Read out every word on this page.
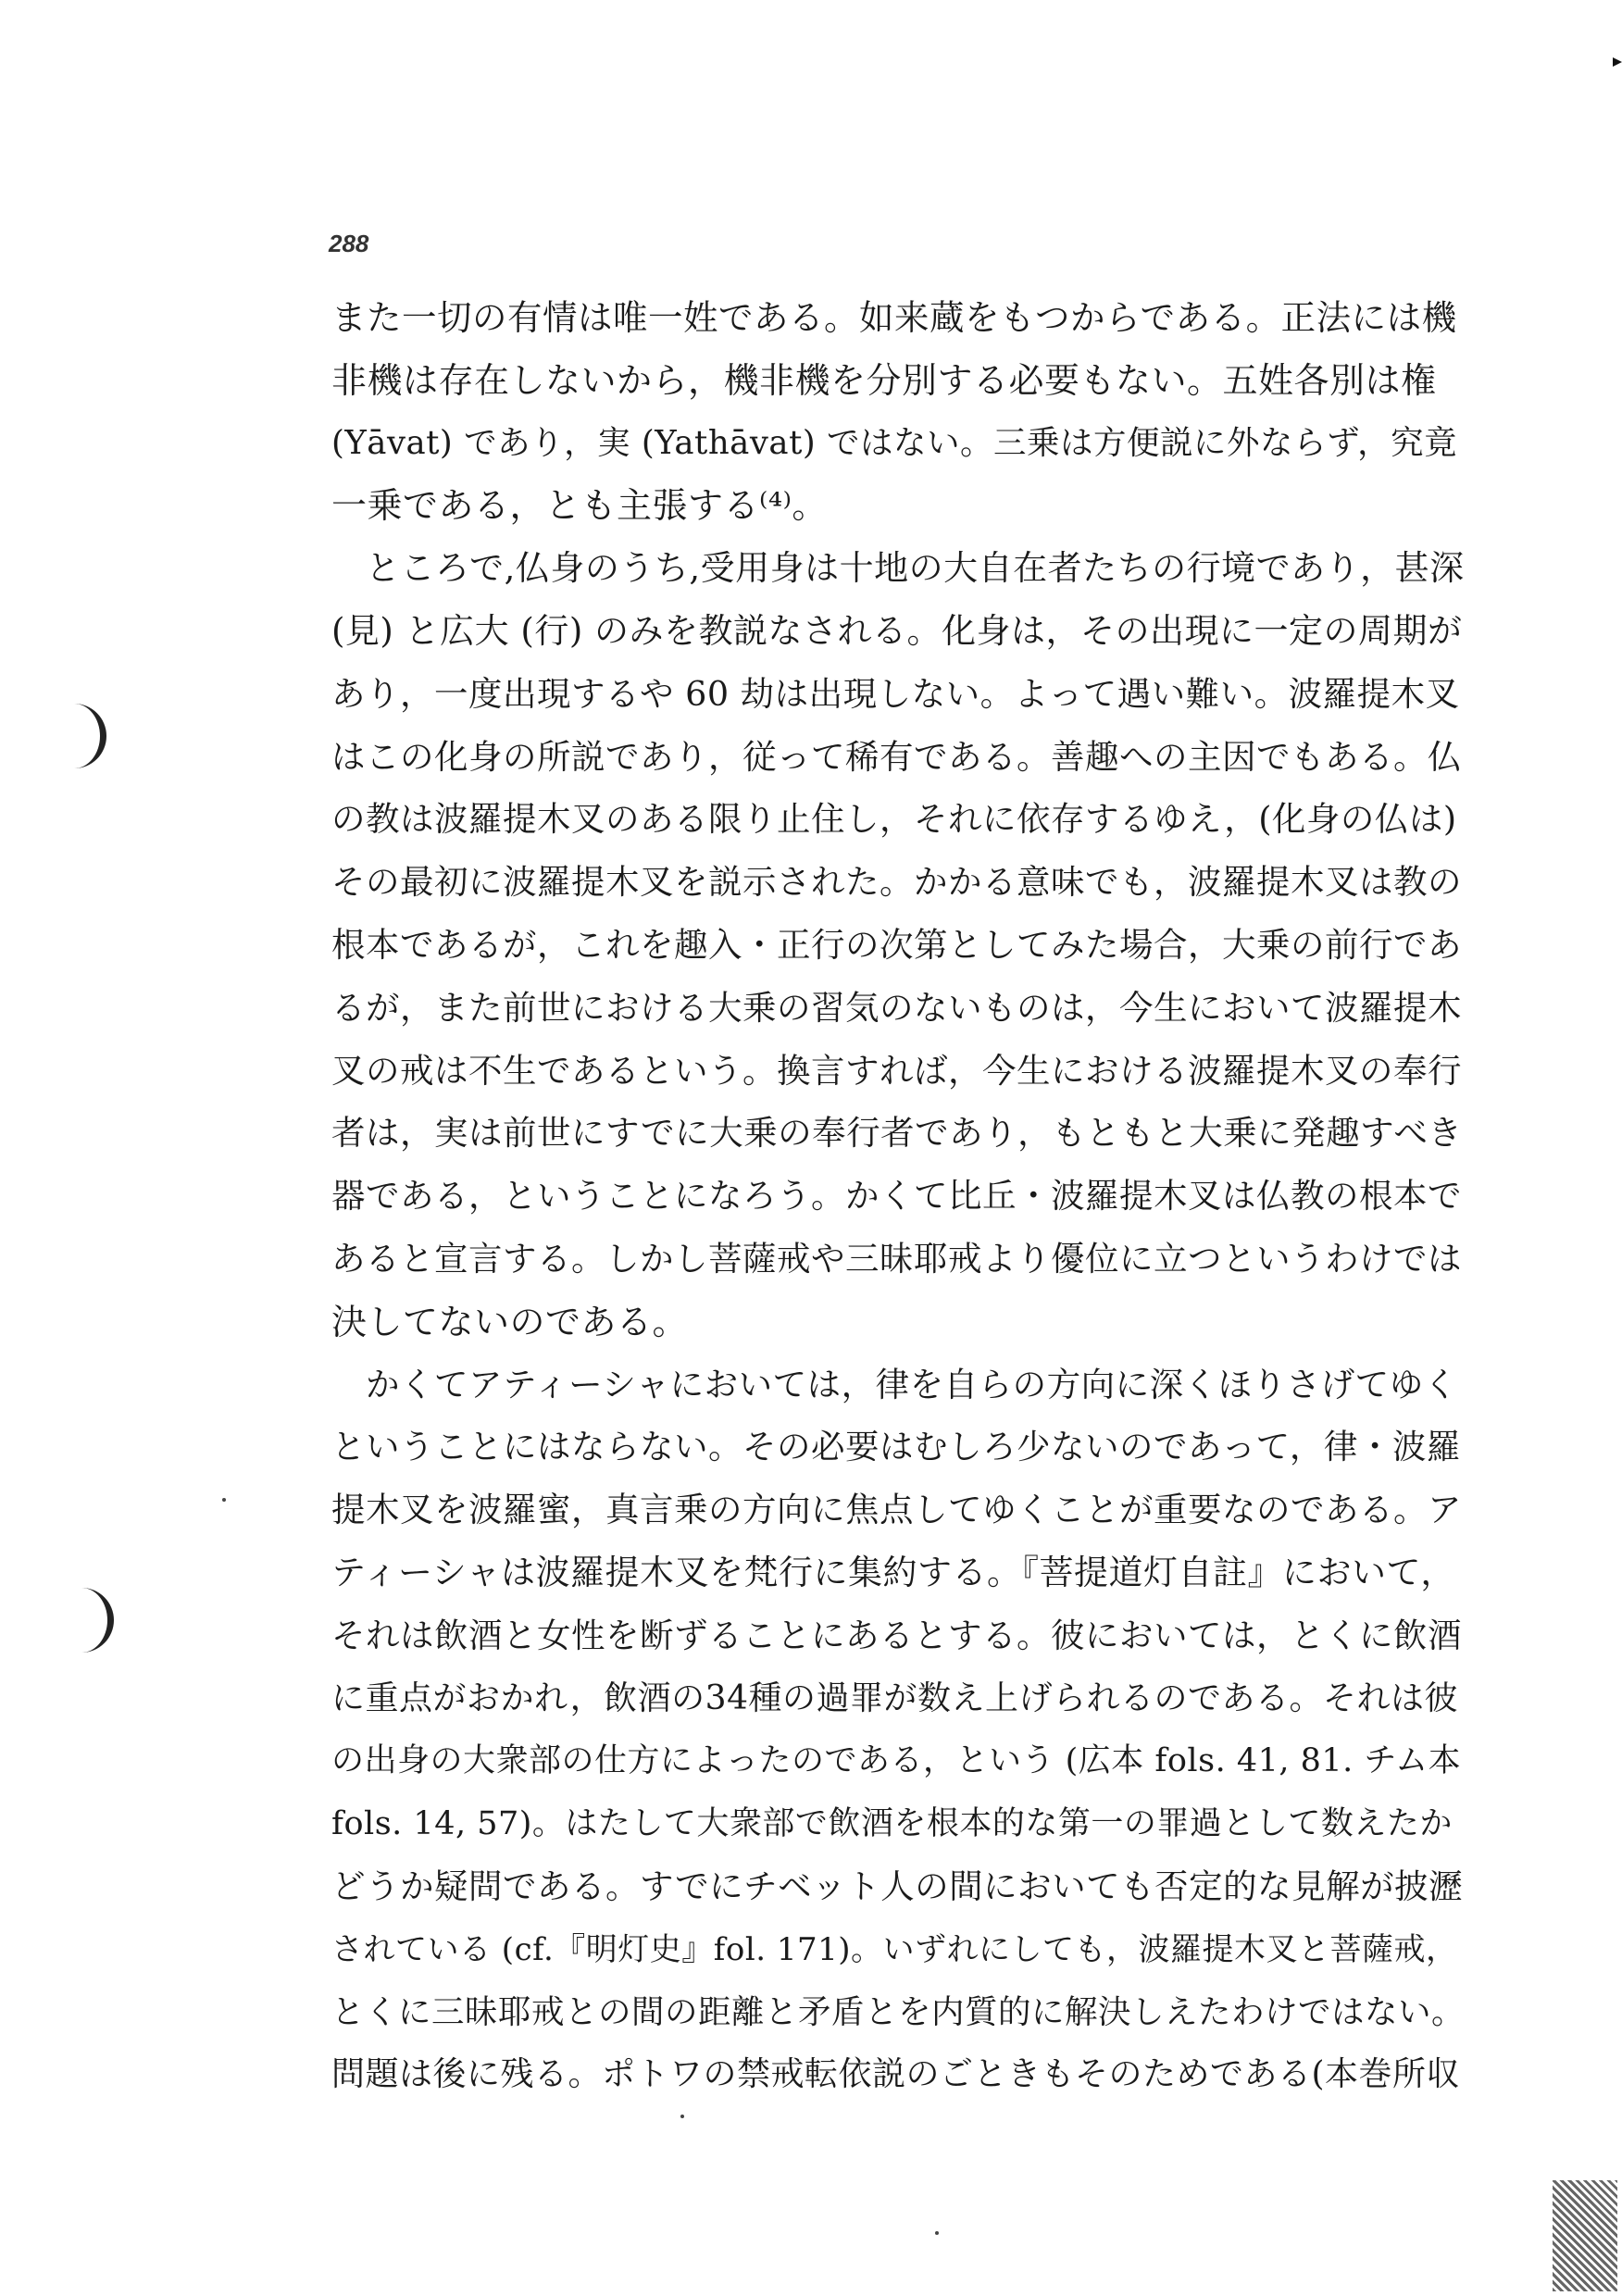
288
また一切の有情は唯一姓である。如来蔵をもつからである。正法には機
非機は存在しないから，機非機を分別する必要もない。五姓各別は権
(Yāvat) であり，実 (Yathāvat) ではない。三乗は方便説に外ならず，究竟
一乗である，とも主張する⁽⁴⁾。
ところで,仏身のうち,受用身は十地の大自在者たちの行境であり，甚深
(見) と広大 (行) のみを教説なされる。化身は，その出現に一定の周期が
あり，一度出現するや 60 劫は出現しない。よって遇い難い。波羅提木叉
はこの化身の所説であり，従って稀有である。善趣への主因でもある。仏
の教は波羅提木叉のある限り止住し，それに依存するゆえ，(化身の仏は)
その最初に波羅提木叉を説示された。かかる意味でも，波羅提木叉は教の
根本であるが，これを趣入・正行の次第としてみた場合，大乗の前行であ
るが，また前世における大乗の習気のないものは，今生において波羅提木
叉の戒は不生であるという。換言すれば，今生における波羅提木叉の奉行
者は，実は前世にすでに大乗の奉行者であり，もともと大乗に発趣すべき
器である，ということになろう。かくて比丘・波羅提木叉は仏教の根本で
あると宣言する。しかし菩薩戒や三昧耶戒より優位に立つというわけでは
決してないのである。
かくてアティーシャにおいては，律を自らの方向に深くほりさげてゆく
ということにはならない。その必要はむしろ少ないのであって，律・波羅
提木叉を波羅蜜，真言乗の方向に焦点してゆくことが重要なのである。ア
ティーシャは波羅提木叉を梵行に集約する。『菩提道灯自註』において，
それは飲酒と女性を断ずることにあるとする。彼においては，とくに飲酒
に重点がおかれ，飲酒の34種の過罪が数え上げられるのである。それは彼
の出身の大衆部の仕方によったのである，という (広本 fols. 41, 81. チム本
fols. 14, 57)。はたして大衆部で飲酒を根本的な第一の罪過として数えたか
どうか疑問である。すでにチベット人の間においても否定的な見解が披瀝
されている (cf.『明灯史』fol. 171)。いずれにしても，波羅提木叉と菩薩戒，
とくに三昧耶戒との間の距離と矛盾とを内質的に解決しえたわけではない。
問題は後に残る。ポトワの禁戒転依説のごときもそのためである(本巻所収
